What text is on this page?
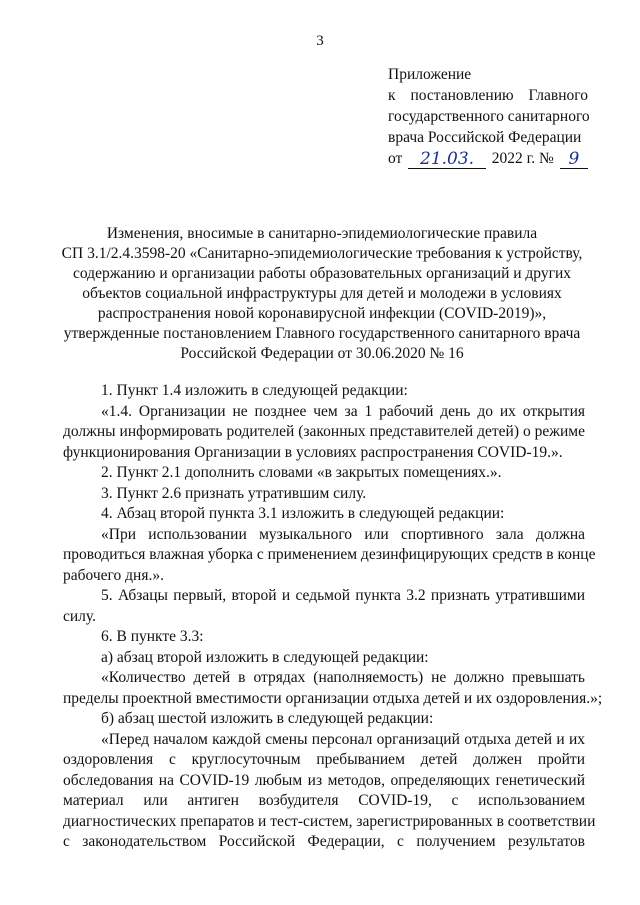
3
Приложение
к постановлению Главного
государственного санитарного
врача Российской Федерации
от	21.03.	2022 г. № 9
Изменения, вносимые в санитарно-эпидемиологические правила
СП 3.1/2.4.3598-20 «Санитарно-эпидемиологические требования к устройству,
содержанию и организации работы образовательных организаций и других
объектов социальной инфраструктуры для детей и молодежи в условиях
распространения новой коронавирусной инфекции (COVID-2019)»,
утвержденные постановлением Главного государственного санитарного врача
Российской Федерации от 30.06.2020 № 16

1. Пункт 1.4 изложить в следующей редакции:

«1.4. Организации не позднее чем за 1 рабочий день до их открытия
должны информировать родителей (законных представителей детей) о режиме
функционирования Организации в условиях распространения COVID-19.».

2. Пункт 2.1 дополнить словами «в закрытых помещениях.».

3. Пункт 2.6 признать утратившим силу.

4. Абзац второй пункта 3.1 изложить в следующей редакции:

«При использовании музыкального или спортивного зала должна
проводиться влажная уборка с применением дезинфицирующих средств в конце
рабочего дня.».
5. Абзацы первый, второй и седьмой пункта 3.2 признать утратившими
силу.

6. В пункте 3.3:

а) абзац второй изложить в следующей редакции:

«Количество детей в отрядах (наполняемость) не должно превышать
пределы проектной вместимости организации отдыха детей и их оздоровления.»;

б) абзац шестой изложить в следующей редакции:

«Перед началом каждой смены персонал организаций отдыха детей и их
оздоровления с круглосуточным пребыванием детей должен пройти
обследования на COVID-19 любым из методов, определяющих генетический
материал или антиген возбудителя COVID-19, с использованием
диагностических препаратов и тест-систем, зарегистрированных в соответствии
с законодательством Российской Федерации, с получением результатов
